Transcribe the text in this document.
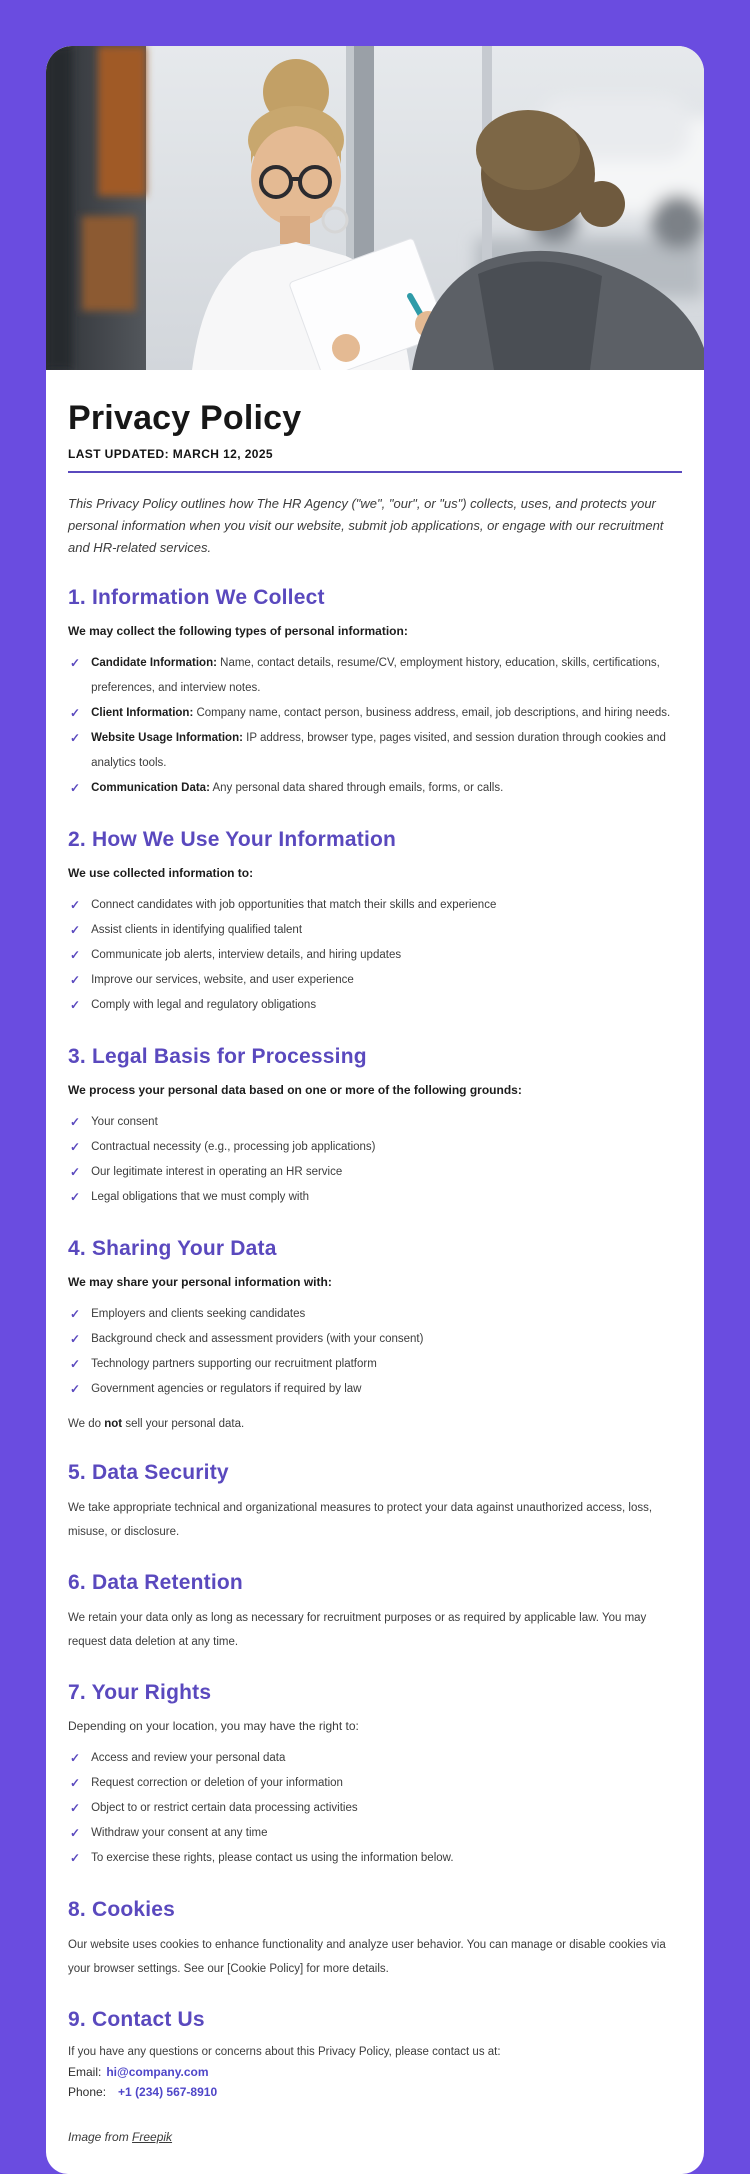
Privacy Policy

LAST UPDATED: MARCH 12, 2025

This Privacy Policy outlines how The HR Agency ("we", "our", or "us") collects, uses, and protects your personal information when you visit our website, submit job applications, or engage with our recruitment and HR-related services.

1. Information We Collect

We may collect the following types of personal information:

✓ Candidate Information: Name, contact details, resume/CV, employment history, education, skills, certifications, preferences, and interview notes.
✓ Client Information: Company name, contact person, business address, email, job descriptions, and hiring needs.
✓ Website Usage Information: IP address, browser type, pages visited, and session duration through cookies and analytics tools.
✓ Communication Data: Any personal data shared through emails, forms, or calls.
2. How We Use Your Information

We use collected information to:

✓ Connect candidates with job opportunities that match their skills and experience
✓ Assist clients in identifying qualified talent
✓ Communicate job alerts, interview details, and hiring updates
✓ Improve our services, website, and user experience
✓ Comply with legal and regulatory obligations
3. Legal Basis for Processing

We process your personal data based on one or more of the following grounds:

✓ Your consent
✓ Contractual necessity (e.g., processing job applications)
✓ Our legitimate interest in operating an HR service
✓ Legal obligations that we must comply with
4. Sharing Your Data

We may share your personal information with:

✓ Employers and clients seeking candidates
✓ Background check and assessment providers (with your consent)
✓ Technology partners supporting our recruitment platform
✓ Government agencies or regulators if required by law

We do not sell your personal data.

5. Data Security

We take appropriate technical and organizational measures to protect your data against unauthorized access, loss, misuse, or disclosure.

6. Data Retention

We retain your data only as long as necessary for recruitment purposes or as required by applicable law. You may request data deletion at any time.

7. Your Rights

Depending on your location, you may have the right to:

✓ Access and review your personal data
✓ Request correction or deletion of your information
✓ Object to or restrict certain data processing activities
✓ Withdraw your consent at any time
✓ To exercise these rights, please contact us using the information below.
8. Cookies

Our website uses cookies to enhance functionality and analyze user behavior. You can manage or disable cookies via your browser settings. See our [Cookie Policy] for more details.

9. Contact Us

If you have any questions or concerns about this Privacy Policy, please contact us at:

Email: hi@company.com

Phone: +1 (234) 567-8910

Image from Freepik
